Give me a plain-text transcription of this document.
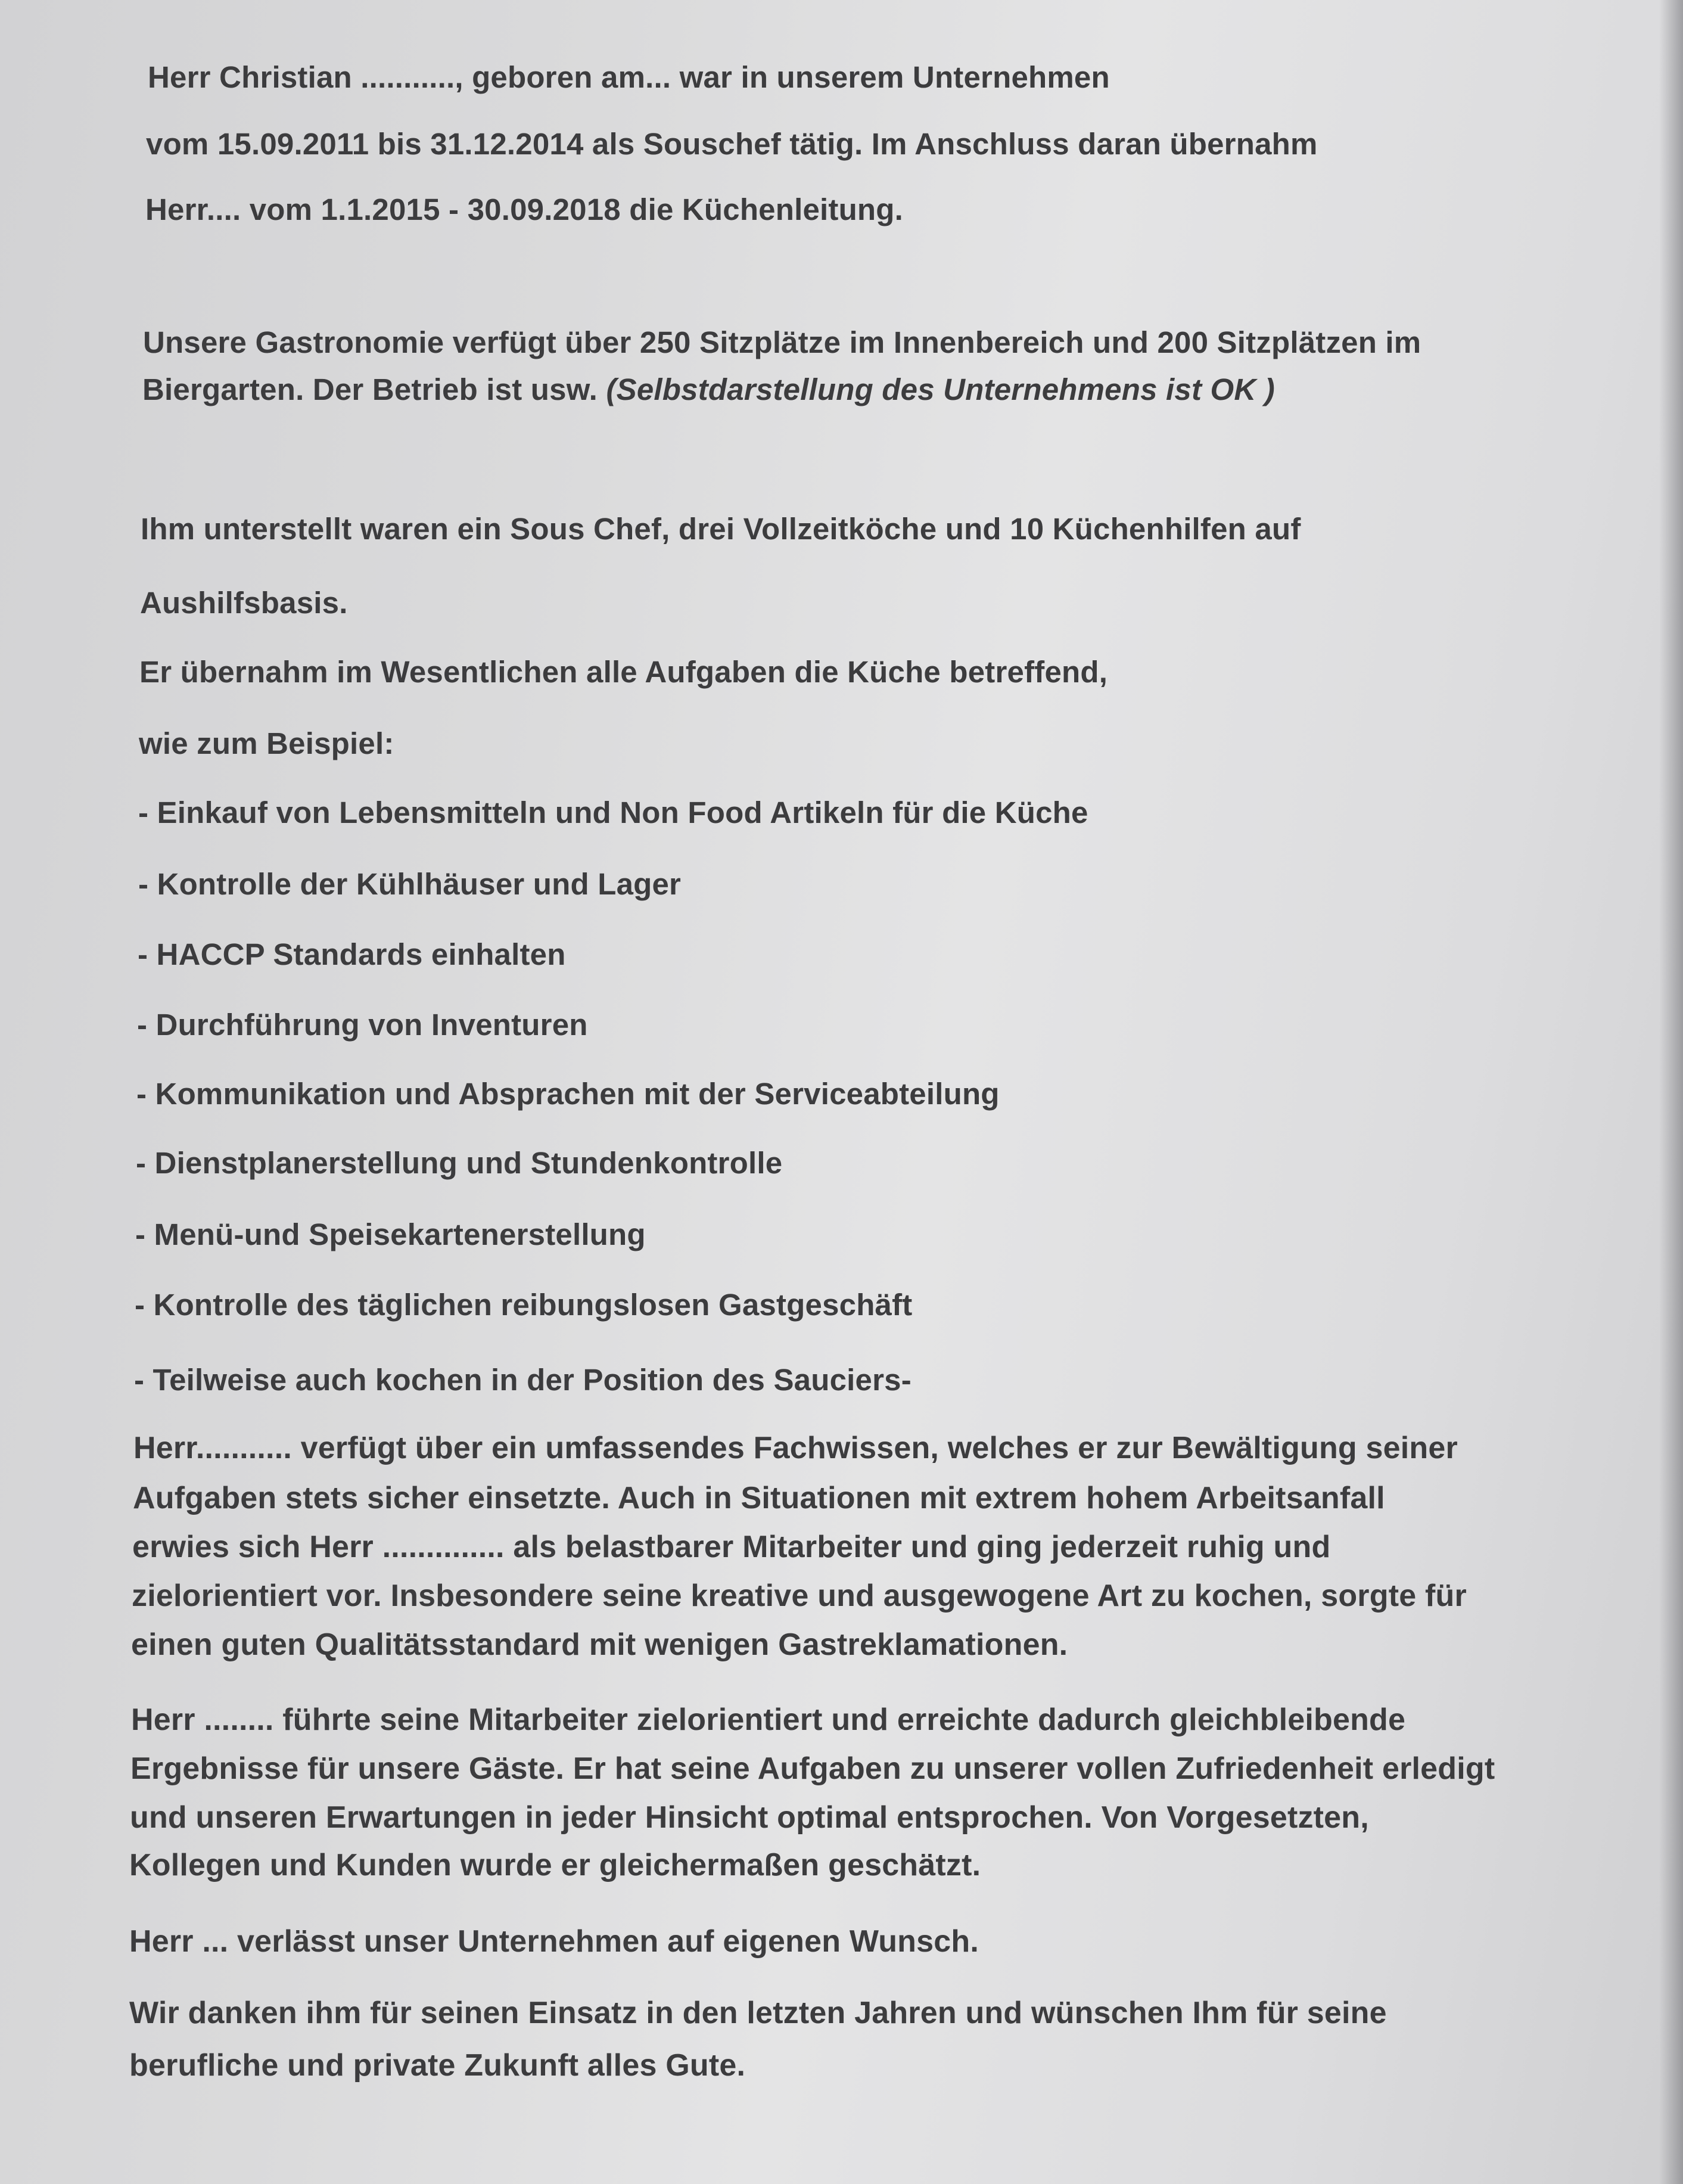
Herr Christian ..........., geboren am... war in unserem Unternehmen
vom 15.09.2011 bis 31.12.2014 als Souschef tätig. Im Anschluss daran übernahm
Herr.... vom 1.1.2015 - 30.09.2018 die Küchenleitung.
Unsere Gastronomie verfügt über 250 Sitzplätze im Innenbereich und 200 Sitzplätzen im
Biergarten. Der Betrieb ist usw. (Selbstdarstellung des Unternehmens ist OK )
Ihm unterstellt waren ein Sous Chef, drei Vollzeitköche und 10 Küchenhilfen auf
Aushilfsbasis.
Er übernahm im Wesentlichen alle Aufgaben die Küche betreffend,
wie zum Beispiel:
- Einkauf von Lebensmitteln und Non Food Artikeln für die Küche
- Kontrolle der Kühlhäuser und Lager
- HACCP Standards einhalten
- Durchführung von Inventuren
- Kommunikation und Absprachen mit der Serviceabteilung
- Dienstplanerstellung und Stundenkontrolle
- Menü-und Speisekartenerstellung
- Kontrolle des täglichen reibungslosen Gastgeschäft
- Teilweise auch kochen in der Position des Sauciers-
Herr........... verfügt über ein umfassendes Fachwissen, welches er zur Bewältigung seiner
Aufgaben stets sicher einsetzte. Auch in Situationen mit extrem hohem Arbeitsanfall
erwies sich Herr .............. als belastbarer Mitarbeiter und ging jederzeit ruhig und
zielorientiert vor. Insbesondere seine kreative und ausgewogene Art zu kochen, sorgte für
einen guten Qualitätsstandard mit wenigen Gastreklamationen.
Herr ........ führte seine Mitarbeiter zielorientiert und erreichte dadurch gleichbleibende
Ergebnisse für unsere Gäste. Er hat seine Aufgaben zu unserer vollen Zufriedenheit erledigt
und unseren Erwartungen in jeder Hinsicht optimal entsprochen. Von Vorgesetzten,
Kollegen und Kunden wurde er gleichermaßen geschätzt.
Herr ... verlässt unser Unternehmen auf eigenen Wunsch.
Wir danken ihm für seinen Einsatz in den letzten Jahren und wünschen Ihm für seine
berufliche und private Zukunft alles Gute.
